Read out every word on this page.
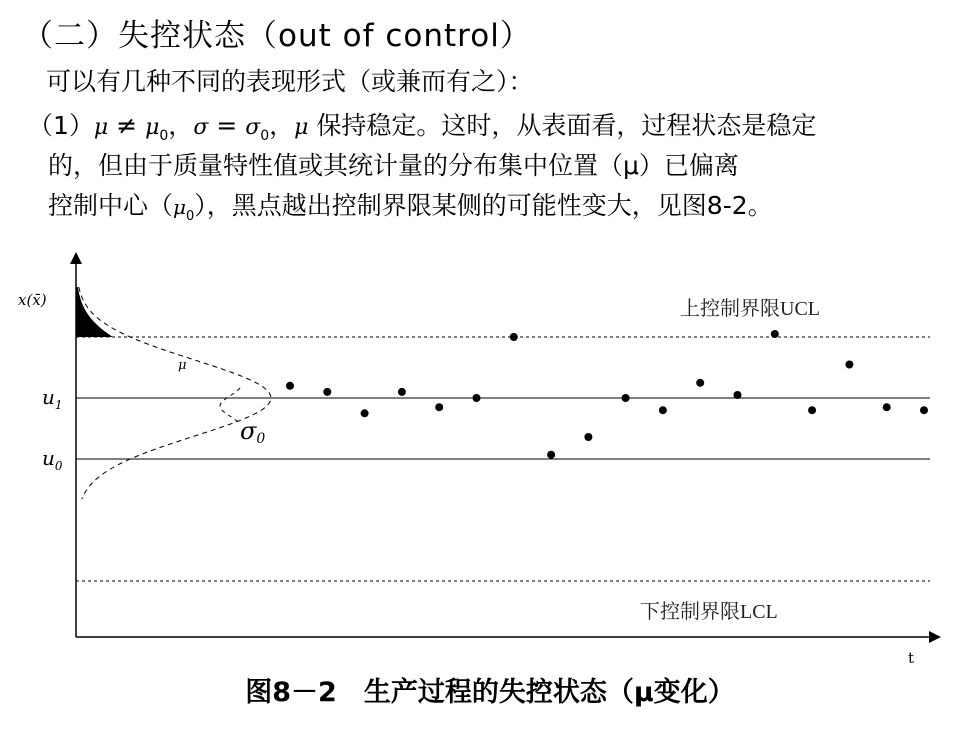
（二）失控状态（out of control）
可以有几种不同的表现形式（或兼而有之）：
$(1)\mu \ne \mu_0$，$\sigma = \sigma_0$，μ 保持稳定。这时，从表面看，过程状态是稳定
的，但由于质量特性值或其统计量的分布集中位置（μ）已偏离
控制中心$(\mu_0)$，黑点越出控制界限某侧的可能性变大，见图8-2。
x(x̄)
t
上控制界限UCL
下控制界限LCL
$u_1$
$u_0$
μ
σ0
图8－2　生产过程的失控状态（μ变化）
